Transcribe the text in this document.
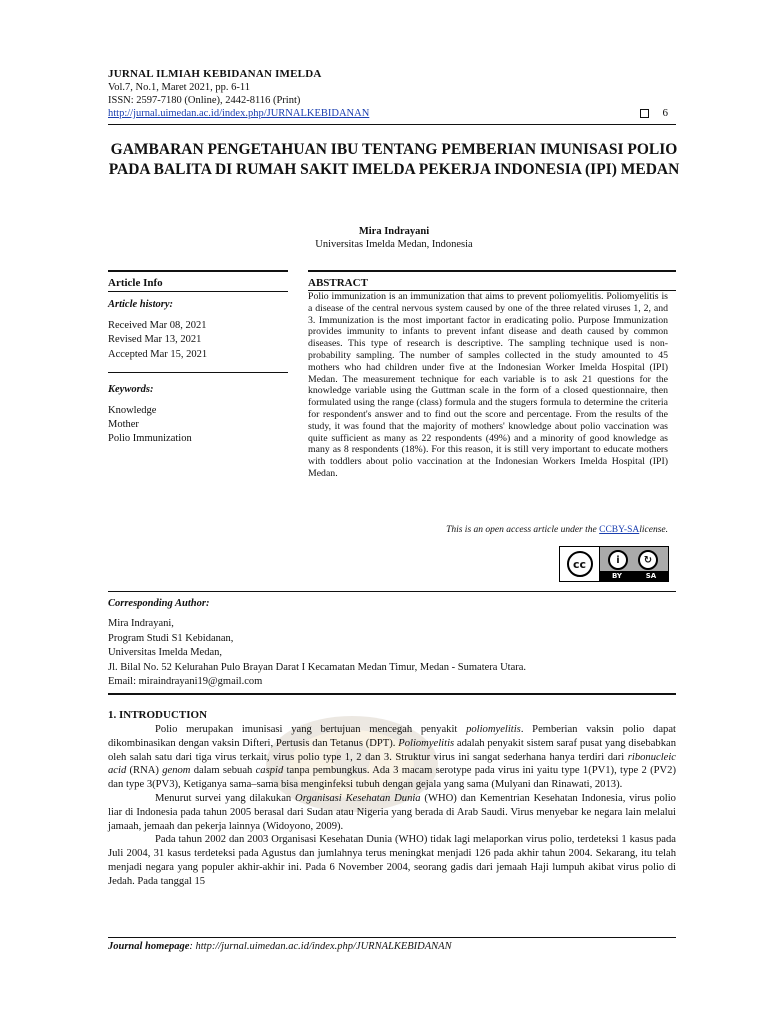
JURNAL ILMIAH KEBIDANAN IMELDA
Vol.7, No.1, Maret 2021, pp. 6-11
ISSN: 2597-7180 (Online), 2442-8116 (Print)
http://jurnal.uimedan.ac.id/index.php/JURNALKEBIDANAN	6
GAMBARAN PENGETAHUAN IBU TENTANG PEMBERIAN IMUNISASI POLIO PADA BALITA DI RUMAH SAKIT IMELDA PEKERJA INDONESIA (IPI) MEDAN
Mira Indrayani
Universitas Imelda Medan, Indonesia
Article Info	ABSTRACT
Article history:
Received Mar 08, 2021
Revised Mar 13, 2021
Accepted Mar 15, 2021
Keywords:
Knowledge
Mother
Polio Immunization
Polio immunization is an immunization that aims to prevent poliomyelitis. Poliomyelitis is a disease of the central nervous system caused by one of the three related viruses 1, 2, and 3. Immunization is the most important factor in eradicating polio. Purpose Immunization provides immunity to infants to prevent infant disease and death caused by common diseases. This type of research is descriptive. The sampling technique used is non-probability sampling. The number of samples collected in the study amounted to 45 mothers who had children under five at the Indonesian Worker Imelda Hospital (IPI) Medan. The measurement technique for each variable is to ask 21 questions for the knowledge variable using the Guttman scale in the form of a closed questionnaire, then formulated using the range (class) formula and the stugers formula to determine the criteria for respondent's answer and to find out the score and percentage. From the results of the study, it was found that the majority of mothers' knowledge about polio vaccination was quite sufficient as many as 22 respondents (49%) and a minority of good knowledge as many as 8 respondents (18%). For this reason, it is still very important to educate mothers with toddlers about polio vaccination at the Indonesian Workers Imelda Hospital (IPI) Medan.
This is an open access article under the CCBY-SAlicense.
cc	i	↻
BY	SA
Corresponding Author:
Mira Indrayani,
Program Studi S1 Kebidanan,
Universitas Imelda Medan,
Jl. Bilal No. 52 Kelurahan Pulo Brayan Darat I Kecamatan Medan Timur, Medan - Sumatera Utara.
Email: miraindrayani19@gmail.com
1. INTRODUCTION

Polio merupakan imunisasi yang bertujuan mencegah penyakit poliomyelitis. Pemberian vaksin polio dapat dikombinasikan dengan vaksin Difteri, Pertusis dan Tetanus (DPT). Poliomyelitis adalah penyakit sistem saraf pusat yang disebabkan oleh salah satu dari tiga virus terkait, virus polio type 1, 2 dan 3. Struktur virus ini sangat sederhana hanya terdiri dari ribonucleic acid (RNA) genom dalam sebuah caspid tanpa pembungkus. Ada 3 macam serotype pada virus ini yaitu type 1(PV1), type 2 (PV2) dan type 3(PV3), Ketiganya sama–sama bisa menginfeksi tubuh dengan gejala yang sama (Mulyani dan Rinawati, 2013).

Menurut survei yang dilakukan Organisasi Kesehatan Dunia (WHO) dan Kementrian Kesehatan Indonesia, virus polio liar di Indonesia pada tahun 2005 berasal dari Sudan atau Nigeria yang berada di Arab Saudi. Virus menyebar ke negara lain melalui jamaah, jemaah dan pekerja lainnya (Widoyono, 2009).

Pada tahun 2002 dan 2003 Organisasi Kesehatan Dunia (WHO) tidak lagi melaporkan virus polio, terdeteksi 1 kasus pada Juli 2004, 31 kasus terdeteksi pada Agustus dan jumlahnya terus meningkat menjadi 126 pada akhir tahun 2004. Sekarang, itu telah menjadi negara yang populer akhir-akhir ini. Pada 6 November 2004, seorang gadis dari jemaah Haji lumpuh akibat virus polio di Jedah. Pada tanggal 15

Journal homepage: http://jurnal.uimedan.ac.id/index.php/JURNALKEBIDANAN
